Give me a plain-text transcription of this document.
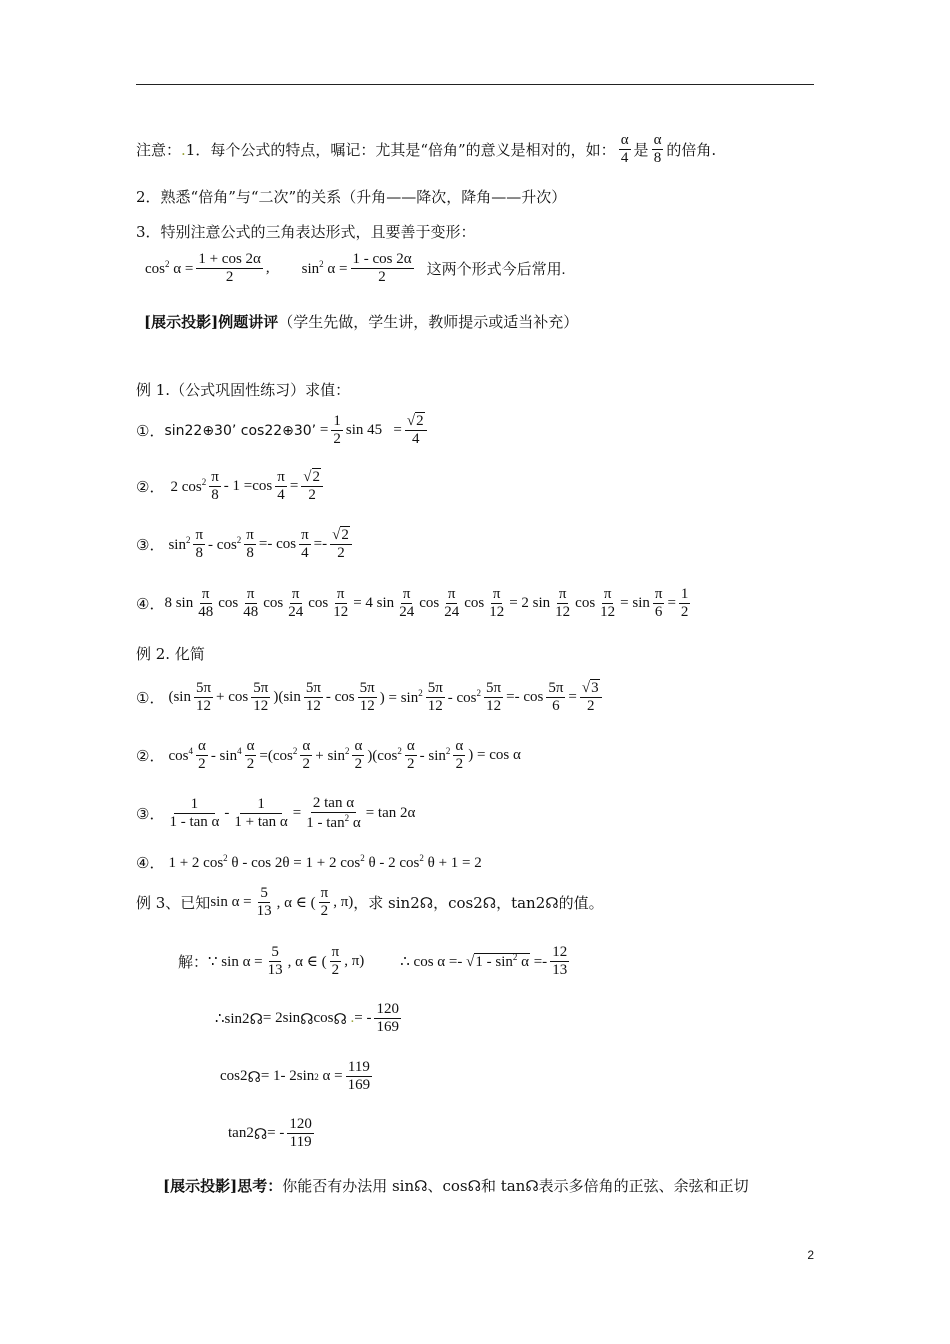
注意： . 1．每个公式的特点，嘱记：尤其是“倍角”的意义是相对的，如： $\frac{\alpha}{4}$ 是 $\frac{\alpha}{8}$ 的倍角.
2．熟悉“倍角”与“二次”的关系（升角——降次，降角——升次）
3．特别注意公式的三角表达形式，且要善于变形：
$\cos^2 \alpha = \frac{1 + \cos 2\alpha}{2}$ , $\sin^2 \alpha = \frac{1 - \cos 2\alpha}{2}$ 这两个形式今后常用.
[展示投影]例题讲评 （学生先做，学生讲，教师提示或适当补充）
例 1.（公式巩固性练习）求值：
①． sin22⊕30’ cos22⊕30’ = $\frac{1}{2}$ $\sin 45 = \frac{√2}{4}$
②． 2 $\cos^2 \frac{\pi}{8} - 1 =\cos \frac{\pi}{4} = \frac{√2}{2}$
③． $\sin^2 \frac{\pi}{8} - \cos^2 \frac{\pi}{8} =- \cos \frac{\pi}{4} =- \frac{√2}{2}$
④． 8 $\sin \frac{\pi}{48}$ $\cos \frac{\pi}{48}$ $\cos \frac{\pi}{24}$ $\cos \frac{\pi}{12} = 4$ $\sin \frac{\pi}{24}$ $\cos \frac{\pi}{24}$ $\cos \frac{\pi}{12} = 2$ $\sin \frac{\pi}{12}$ $\cos \frac{\pi}{12} = \sin \frac{\pi}{6} = \frac{1}{2}$
例 2. 化简
①． $(\sin \frac{5\pi}{12} + \cos \frac{5\pi}{12} )(\sin \frac{5\pi}{12} - \cos \frac{5\pi}{12}$ ) = $\sin^2 \frac{5\pi}{12} - \cos^2 \frac{5\pi}{12} =- \cos \frac{5\pi}{6} = \frac{√3}{2}$
②． $\cos^4 \frac{\alpha}{2} - \sin^4 \frac{\alpha}{2} =(\cos^2 \frac{\alpha}{2} + \sin^2 \frac{\alpha}{2} )(\cos^2 \frac{\alpha}{2} - \sin^2 \frac{\alpha}{2}$ ) = cos α
③． $\frac{1}{\text{1 - tan α}} - \frac{1}{\text{1 + tan α}} = \frac{\text{2 tan α}}{1 - \tan^2 \alpha} = \tan 2\alpha$
④． 1 + 2 $\cos^2 \theta - \cos 2\theta = 1 + 2$ $\cos^2 \theta - 2$ $\cos^2 \theta + 1 = 2$
例 3、已知 $\sin \alpha = \frac{5}{13}$ , α ∈ ( $\frac{\pi}{2}$ , π) ，求 sin2 ☊ ，cos2 ☊ ，tan2 ☊ 的值。
解： ∵ $\sin \alpha = \frac{5}{13}$ , α ∈ ( $\frac{\pi}{2}$ , π) ∴ $\cos \alpha =- √1 - \sin^2 \alpha =- \frac{12}{13}$
∴sin2 ☊ = 2sin ☊ cos ☊ .= - $\frac{120}{169}$
cos2 ☊ = 1- 2sin 2 $\alpha = \frac{119}{169}$
tan2 ☊ = - $\frac{120}{119}$
[展示投影]思考： 你能否有办法用 sin ☊ 、cos ☊ 和 tan ☊ 表示多倍角的正弦、余弦和正切
2
